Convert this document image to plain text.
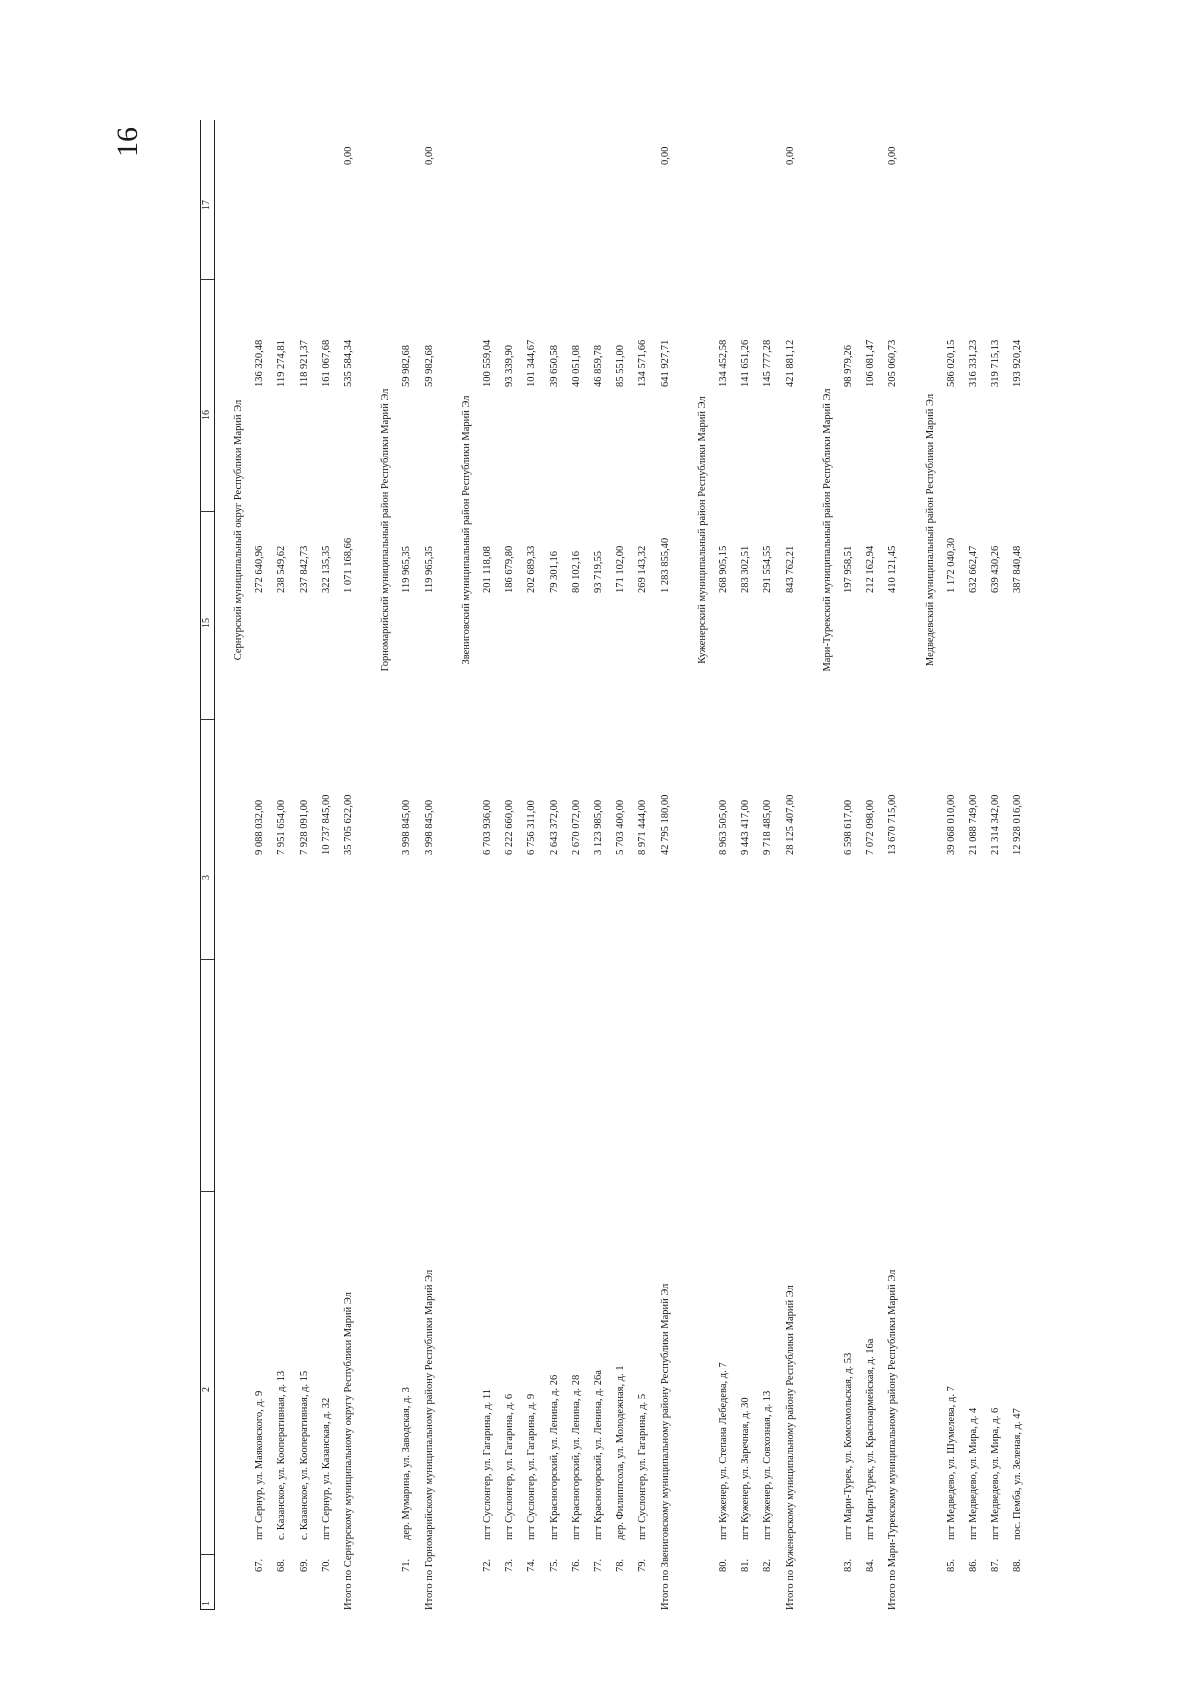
16
1
2
3
15
16
17
Сернурский муниципальный округ Республики Марий Эл
67.
пгт Сернур, ул. Маяковского, д. 9
9 088 032,00
272 640,96
136 320,48
68.
с. Казанское, ул. Кооперативная, д. 13
7 951 654,00
238 549,62
119 274,81
69.
с. Казанское, ул. Кооперативная, д. 15
7 928 091,00
237 842,73
118 921,37
70.
пгт Сернур, ул. Казанская, д. 32
10 737 845,00
322 135,35
161 067,68
Итого по Сернурскому муниципальному округу Республики Марий Эл
35 705 622,00
1 071 168,66
535 584,34
0,00
Горномарийский муниципальный район Республики Марий Эл
71.
дер. Мумарина, ул. Заводская, д. 3
3 998 845,00
119 965,35
59 982,68
Итого по Горномарийскому муниципальному району Республики Марий Эл
3 998 845,00
119 965,35
59 982,68
0,00
Звениговский муниципальный район Республики Марий Эл
72.
пгт Суслонгер, ул. Гагарина, д. 11
6 703 936,00
201 118,08
100 559,04
73.
пгт Суслонгер, ул. Гагарина, д. 6
6 222 660,00
186 679,80
93 339,90
74.
пгт Суслонгер, ул. Гагарина, д. 9
6 756 311,00
202 689,33
101 344,67
75.
пгт Красногорский, ул. Ленина, д. 26
2 643 372,00
79 301,16
39 650,58
76.
пгт Красногорский, ул. Ленина, д. 28
2 670 072,00
80 102,16
40 051,08
77.
пгт Красногорский, ул. Ленина, д. 26а
3 123 985,00
93 719,55
46 859,78
78.
дер. Филиппсола, ул. Молодежная, д. 1
5 703 400,00
171 102,00
85 551,00
79.
пгт Суслонгер, ул. Гагарина, д. 5
8 971 444,00
269 143,32
134 571,66
Итого по Звениговскому муниципальному району Республики Марий Эл
42 795 180,00
1 283 855,40
641 927,71
0,00
Куженерский муниципальный район Республики Марий Эл
80.
пгт Куженер, ул. Степана Лебедева, д. 7
8 963 505,00
268 905,15
134 452,58
81.
пгт Куженер, ул. Заречная, д. 30
9 443 417,00
283 302,51
141 651,26
82.
пгт Куженер, ул. Совхозная, д. 13
9 718 485,00
291 554,55
145 777,28
Итого по Куженерскому муниципальному району Республики Марий Эл
28 125 407,00
843 762,21
421 881,12
0,00
Мари-Турекский муниципальный район Республики Марий Эл
83.
пгт Мари-Турек, ул. Комсомольская, д. 53
6 598 617,00
197 958,51
98 979,26
84.
пгт Мари-Турек, ул. Красноармейская, д. 16а
7 072 098,00
212 162,94
106 081,47
Итого по Мари-Турекскому муниципальному району Республики Марий Эл
13 670 715,00
410 121,45
205 060,73
0,00
Медведевский муниципальный район Республики Марий Эл
85.
пгт Медведево, ул. Шумелева, д. 7
39 068 010,00
1 172 040,30
586 020,15
86.
пгт Медведево, ул. Мира, д. 4
21 088 749,00
632 662,47
316 331,23
87.
пгт Медведево, ул. Мира, д. 6
21 314 342,00
639 430,26
319 715,13
88.
пос. Пемба, ул. Зеленая, д. 47
12 928 016,00
387 840,48
193 920,24
